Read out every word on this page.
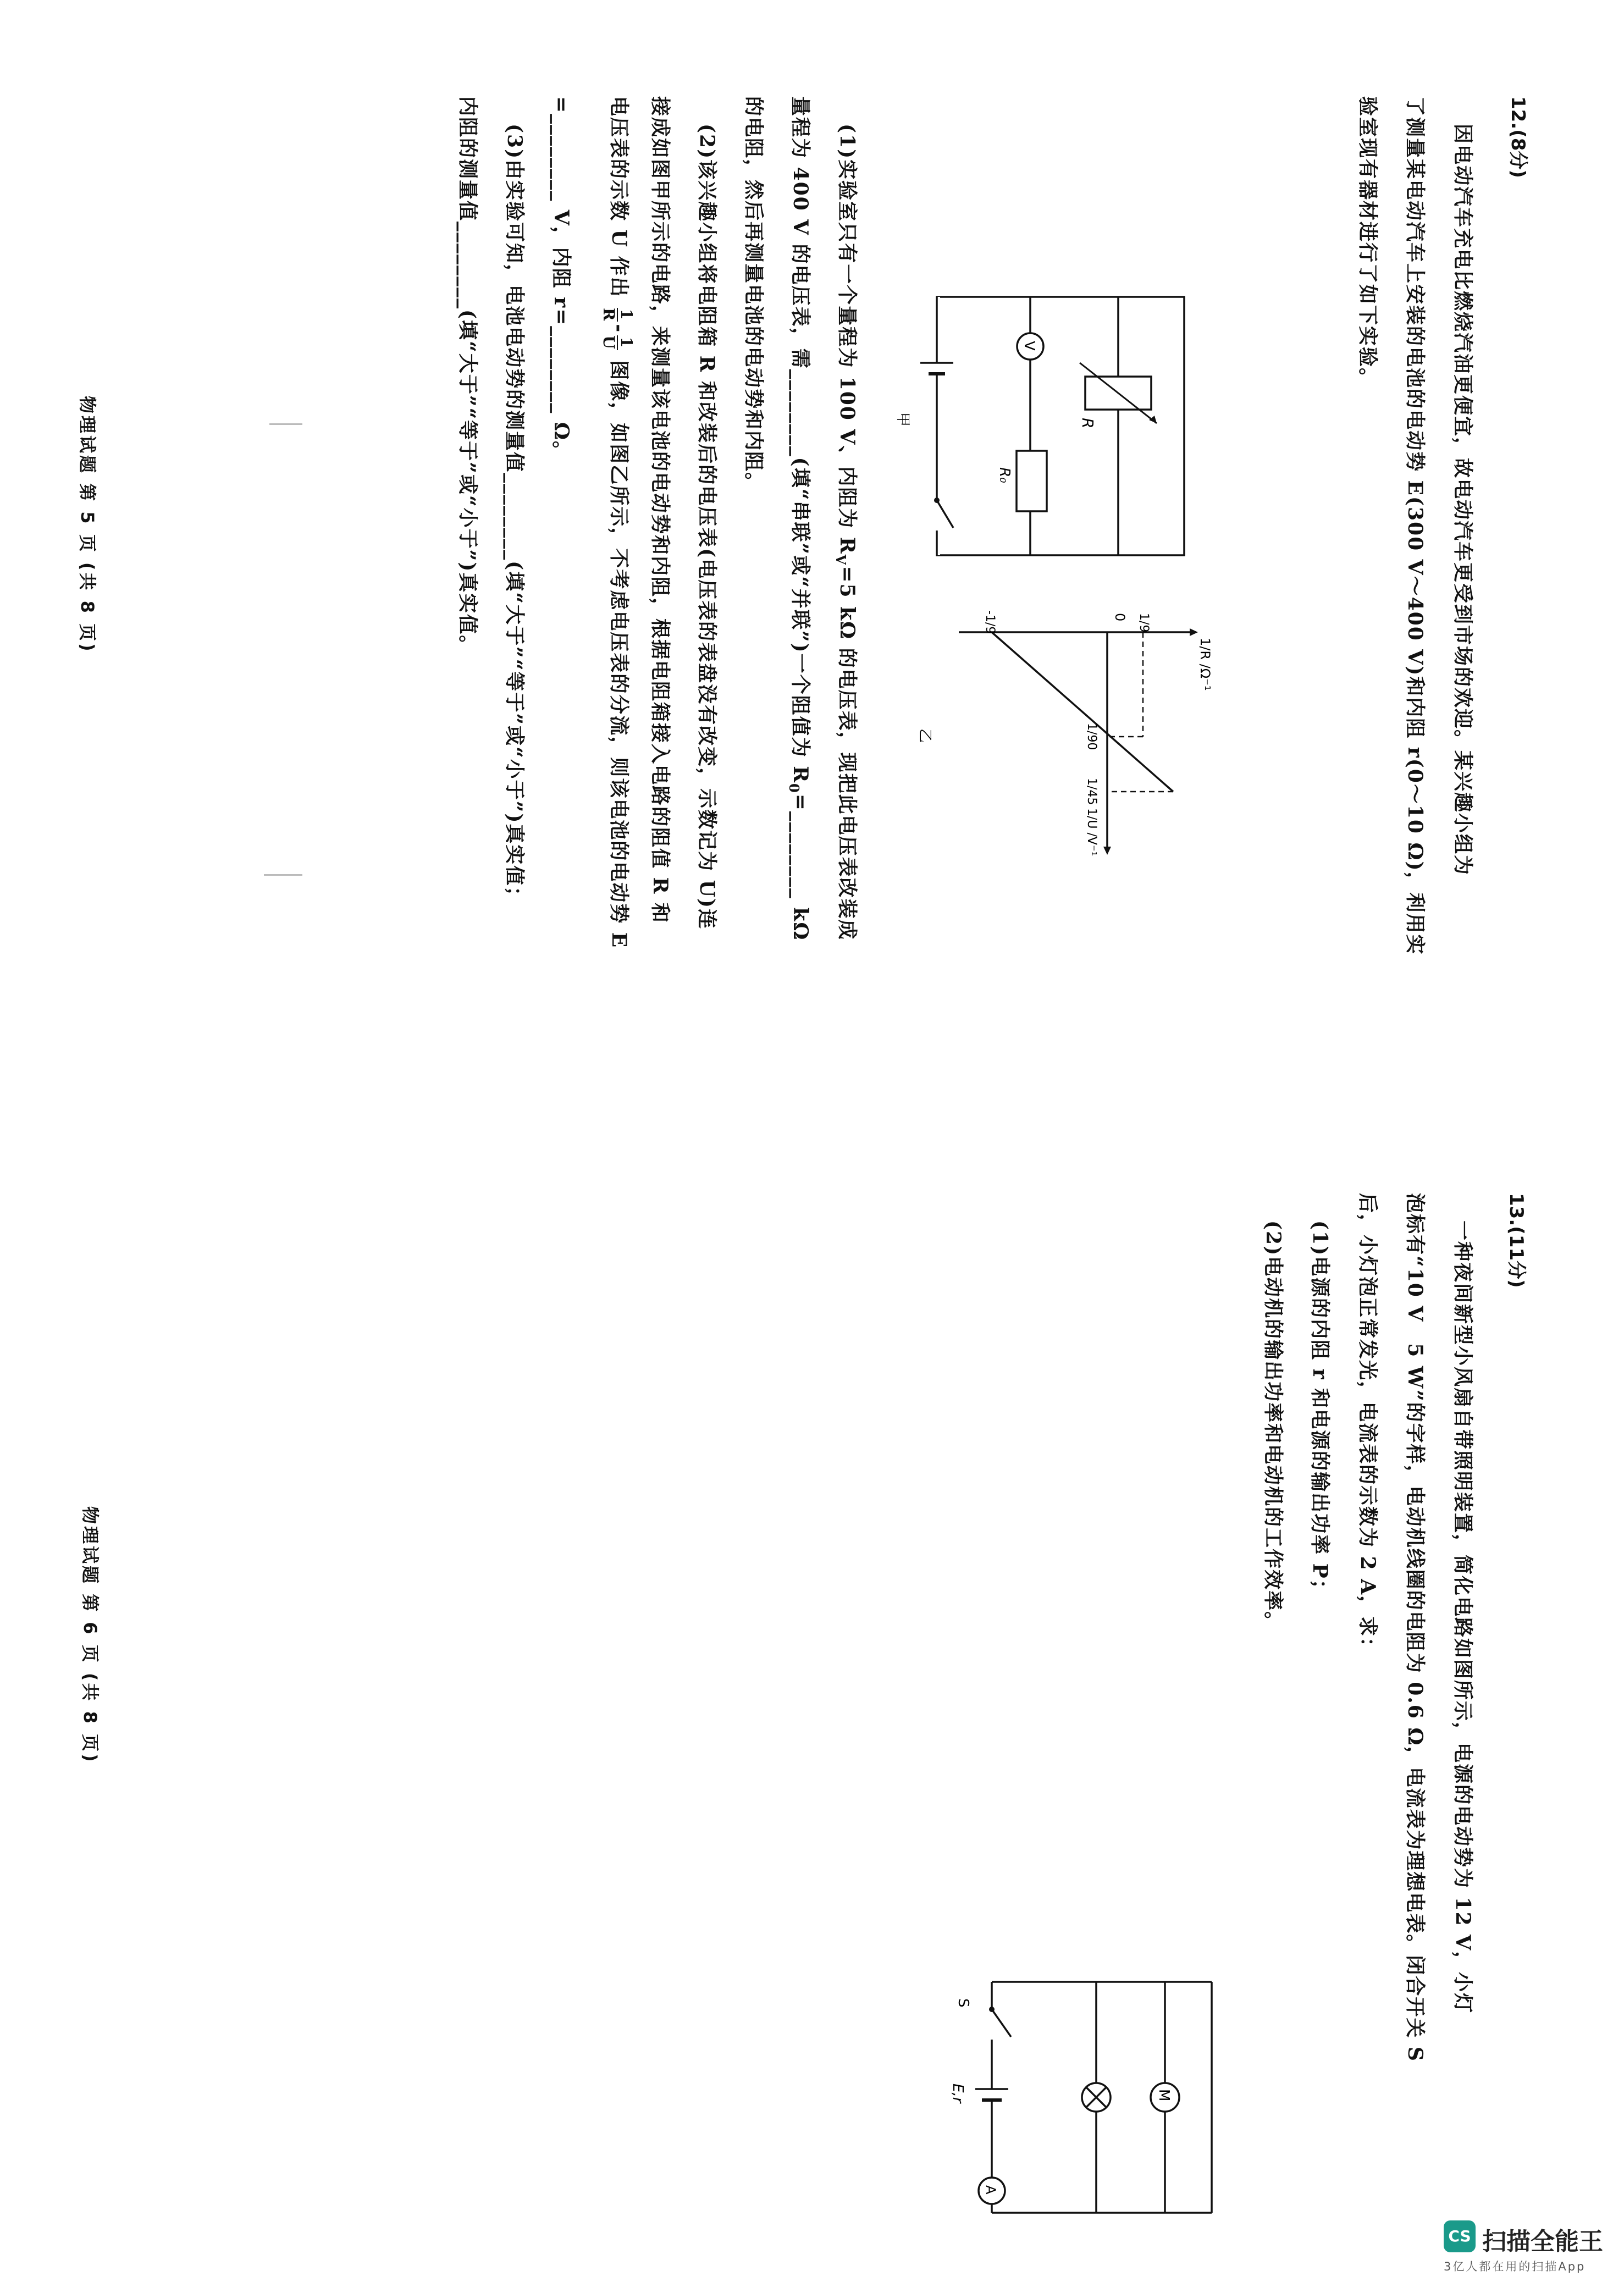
12.(8分)
因电动汽车充电比燃烧汽油更便宜，故电动汽车更受到市场的欢迎。某兴趣小组为
了测量某电动汽车上安装的电池的电动势 E(300 V～400 V)和内阻 r(0～10 Ω)，利用实
验室现有器材进行了如下实验。
R
V
R₀
甲
1/R /Ω⁻¹
1/U /V⁻¹
0 1/9
-1/9
1/90
1/45
乙
(1)实验室只有一个量程为 100 V、内阻为 $R_V=5$ kΩ 的电压表，现把此电压表改装成
量程为 400 V 的电压表，需________(填“串联”或“并联”)一个阻值为 $R_0=\_\_\_\_\_\_\_\_$ kΩ
的电阻，然后再测量电池的电动势和内阻。
(2)该兴趣小组将电阻箱 R 和改装后的电压表(电压表的表盘没有改变，示数记为 U)连
接成如图甲所示的电路，来测量该电池的电动势和内阻，根据电阻箱接入电路的阻值 R 和
电压表的示数 U 作出
1
R
-
1
U
图像，如图乙所示，不考虑电压表的分流，则该电池的电动势 E
=________ V，内阻 r=________ Ω。
(3)由实验可知，电池电动势的测量值________(填“大于”“等于”或“小于”)真实值；
内阻的测量值________(填“大于”“等于”或“小于”)真实值。
物理试题 第 5 页 (共 8 页)
13.(11分)
一种夜间新型小风扇自带照明装置，简化电路如图所示，电源的电动势为 12 V，小灯
泡标有“10 V　5 W”的字样，电动机线圈的电阻为 0.6 Ω，电流表为理想电表。闭合开关 S
后，小灯泡正常发光，电流表的示数为 2 A，求：
(1)电源的内阻 r 和电源的输出功率 P；
(2)电动机的输出功率和电动机的工作效率。
M
S
E,r
A
物理试题 第 6 页 (共 8 页)
CS 扫描全能王
3亿人都在用的扫描App
